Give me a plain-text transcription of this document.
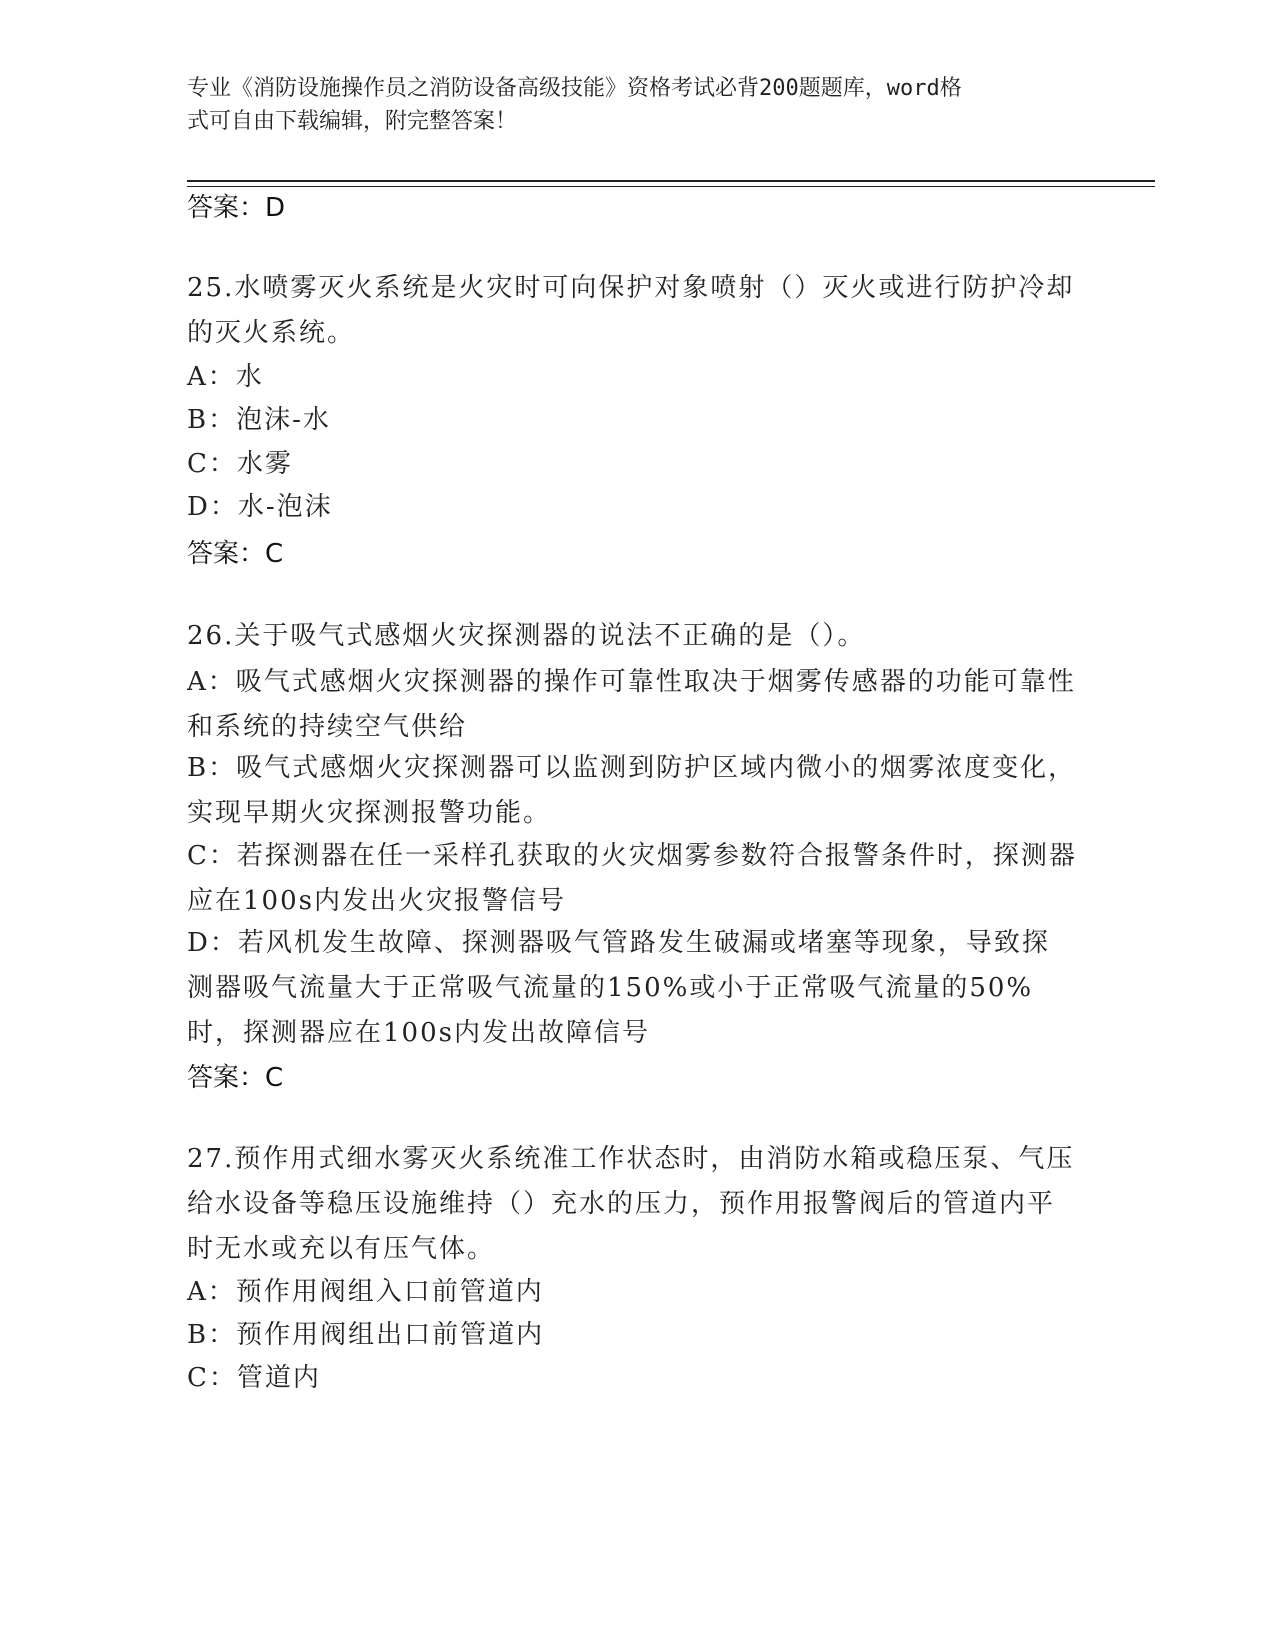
专业《消防设施操作员之消防设备高级技能》资格考试必背200题题库，word格
式可自由下载编辑，附完整答案！
答案：D
25.水喷雾灭火系统是火灾时可向保护对象喷射（）灭火或进行防护冷却的灭火系统。
A：水
B：泡沫-水
C：水雾
D：水-泡沫
答案：C
26.关于吸气式感烟火灾探测器的说法不正确的是（）。
A：吸气式感烟火灾探测器的操作可靠性取决于烟雾传感器的功能可靠性和系统的持续空气供给
B：吸气式感烟火灾探测器可以监测到防护区域内微小的烟雾浓度变化，实现早期火灾探测报警功能。
C：若探测器在任一采样孔获取的火灾烟雾参数符合报警条件时，探测器应在100s内发出火灾报警信号
D：若风机发生故障、探测器吸气管路发生破漏或堵塞等现象，导致探测器吸气流量大于正常吸气流量的150%或小于正常吸气流量的50%时，探测器应在100s内发出故障信号
答案：C
27.预作用式细水雾灭火系统准工作状态时，由消防水箱或稳压泵、气压给水设备等稳压设施维持（）充水的压力，预作用报警阀后的管道内平时无水或充以有压气体。
A：预作用阀组入口前管道内
B：预作用阀组出口前管道内
C：管道内
